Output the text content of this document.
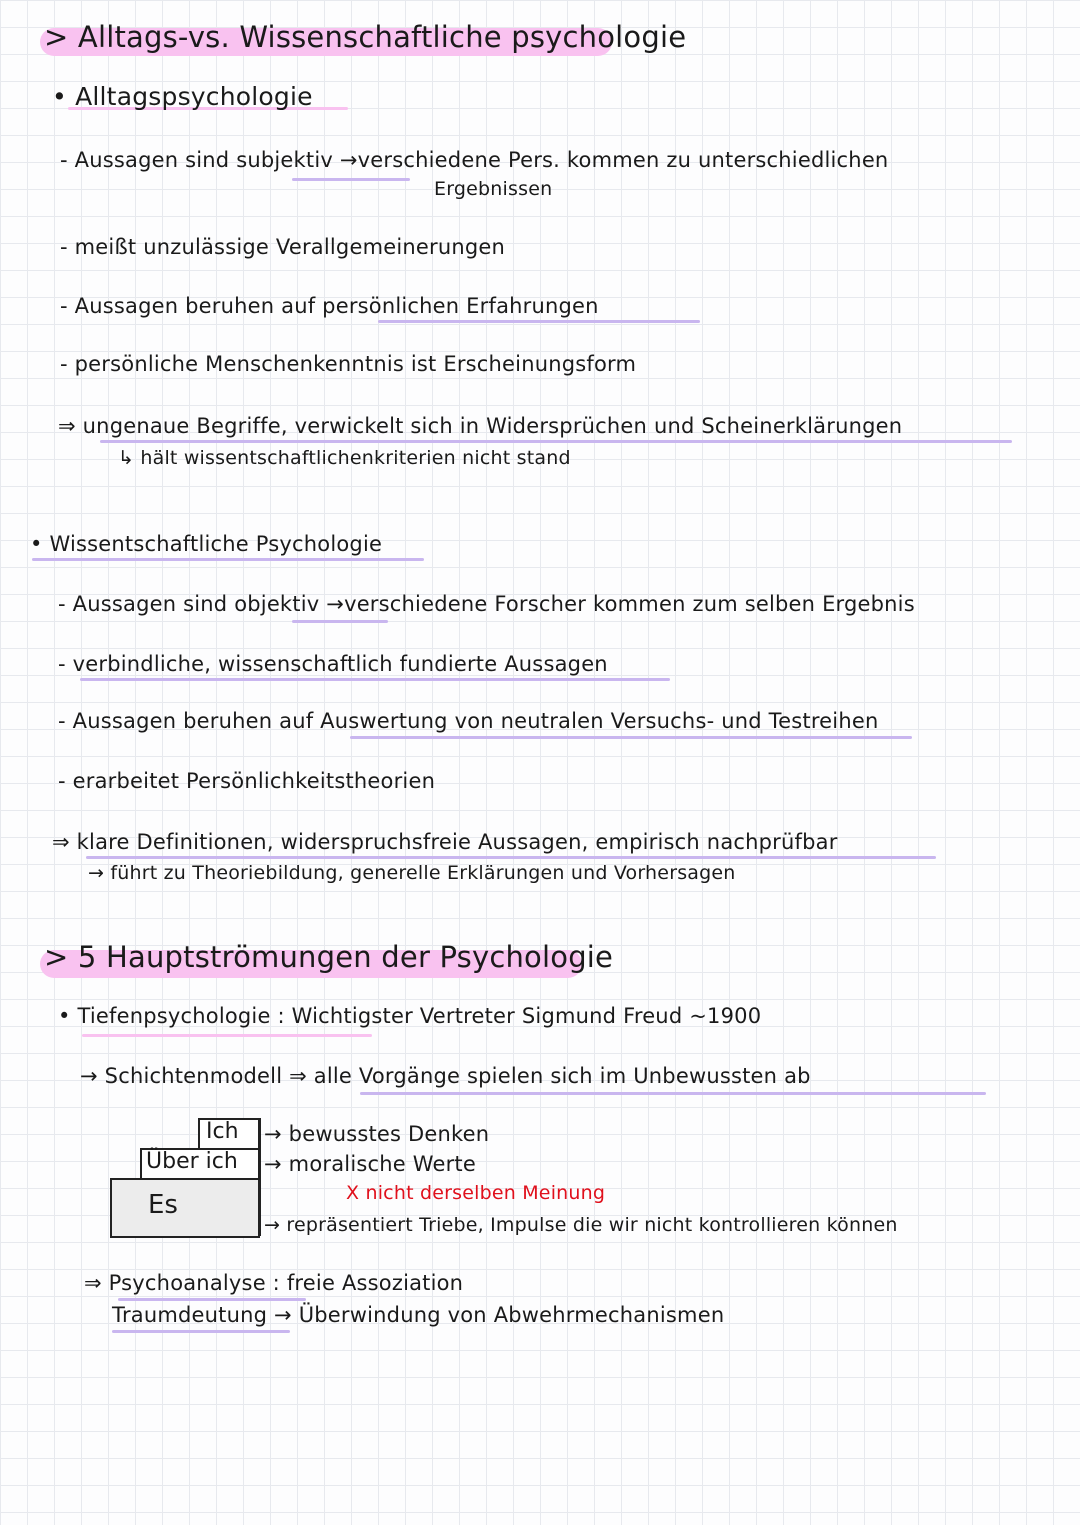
> Alltags-vs. Wissenschaftliche psychologie
• Alltagspsychologie
- Aussagen sind subjektiv →verschiedene Pers. kommen zu unterschiedlichen
Ergebnissen
- meißt unzulässige Verallgemeinerungen
- Aussagen beruhen auf persönlichen Erfahrungen
- persönliche Menschenkenntnis ist Erscheinungsform
⇒ ungenaue Begriffe, verwickelt sich in Widersprüchen und Scheinerklärungen
↳ hält wissentschaftlichenkriterien nicht stand
• Wissentschaftliche Psychologie
- Aussagen sind objektiv →verschiedene Forscher kommen zum selben Ergebnis
- verbindliche, wissenschaftlich fundierte Aussagen
- Aussagen beruhen auf Auswertung von neutralen Versuchs- und Testreihen
- erarbeitet Persönlichkeitstheorien
⇒ klare Definitionen, widerspruchsfreie Aussagen, empirisch nachprüfbar
→ führt zu Theoriebildung, generelle Erklärungen und Vorhersagen
> 5 Hauptströmungen der Psychologie
• Tiefenpsychologie : Wichtigster Vertreter Sigmund Freud ~1900
→ Schichtenmodell ⇒ alle Vorgänge spielen sich im Unbewussten ab
Ich
Über ich
Es
→ bewusstes Denken
→ moralische Werte
X nicht derselben Meinung
→ repräsentiert Triebe, Impulse die wir nicht kontrollieren können
⇒ Psychoanalyse : freie Assoziation
Traumdeutung → Überwindung von Abwehrmechanismen
